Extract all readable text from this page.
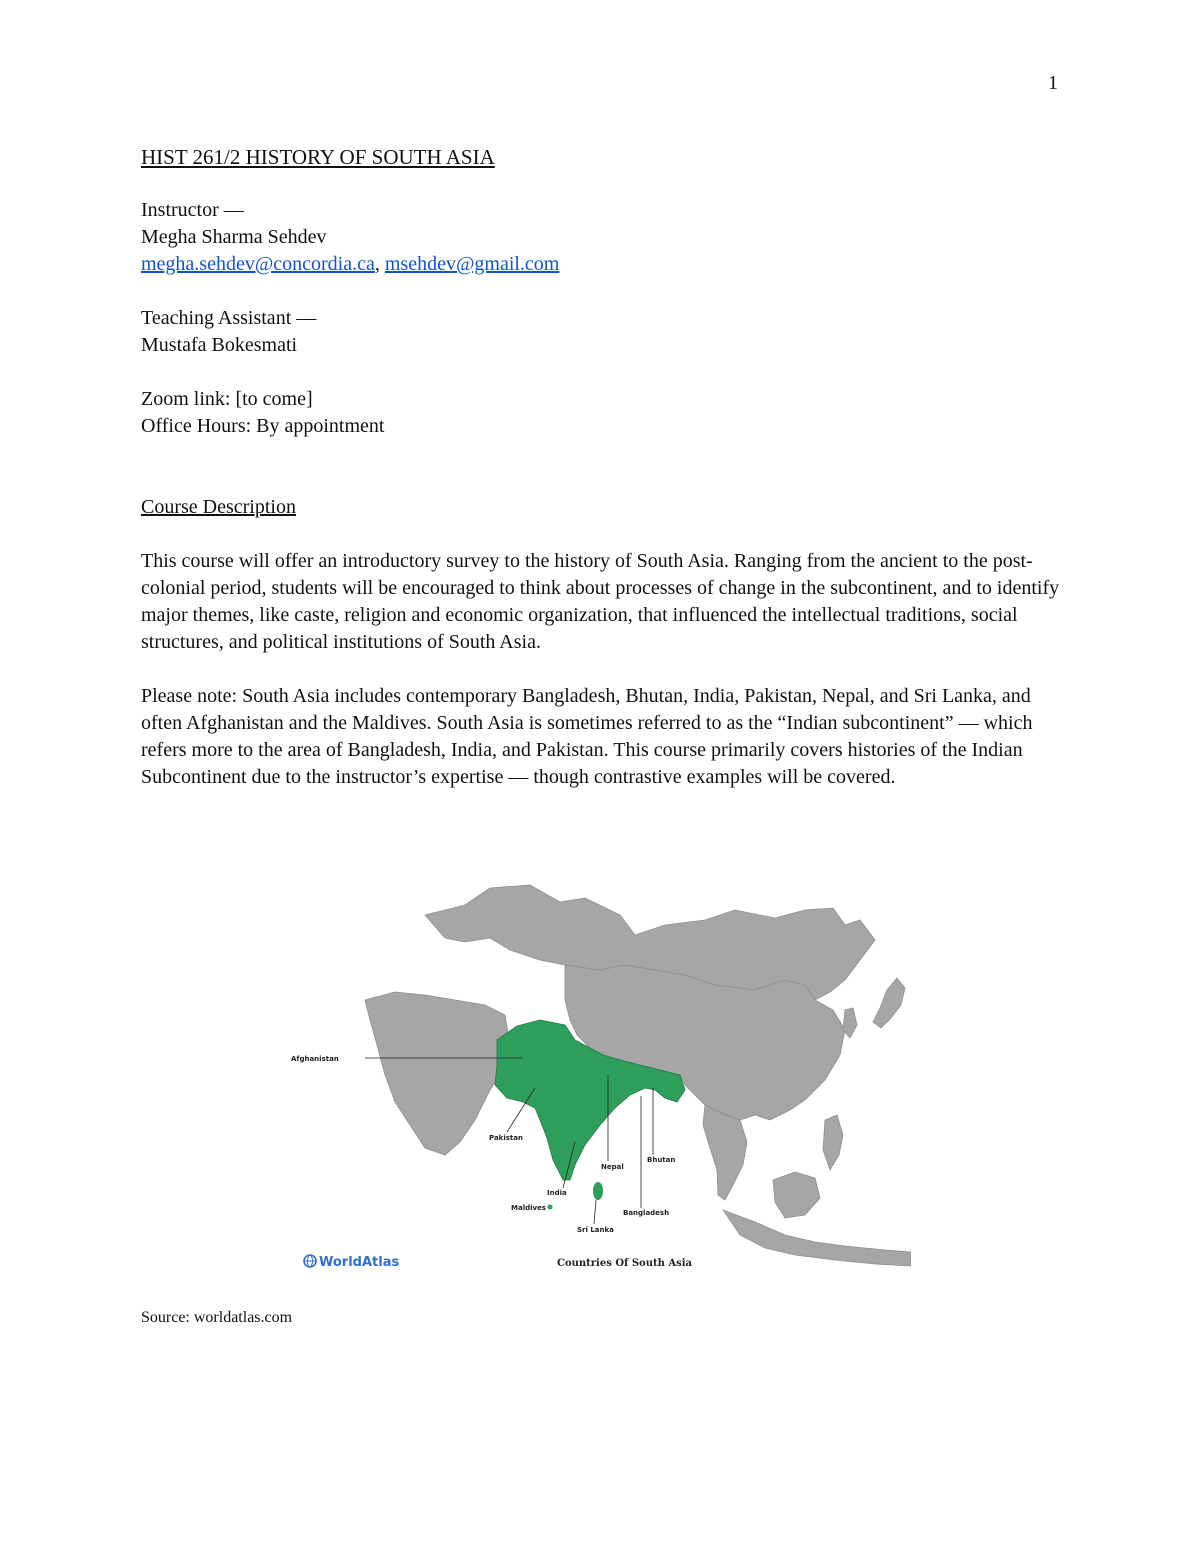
1
HIST 261/2 HISTORY OF SOUTH ASIA
Instructor —
Megha Sharma Sehdev
megha.sehdev@concordia.ca, msehdev@gmail.com
Teaching Assistant —
Mustafa Bokesmati
Zoom link: [to come]
Office Hours: By appointment
Course Description

This course will offer an introductory survey to the history of South Asia. Ranging from the ancient to the post-colonial period, students will be encouraged to think about processes of change in the subcontinent, and to identify major themes, like caste, religion and economic organization, that influenced the intellectual traditions, social structures, and political institutions of South Asia.

Please note: South Asia includes contemporary Bangladesh, Bhutan, India, Pakistan, Nepal, and Sri Lanka, and often Afghanistan and the Maldives. South Asia is sometimes referred to as the “Indian subcontinent” — which refers more to the area of Bangladesh, India, and Pakistan. This course primarily covers histories of the Indian Subcontinent due to the instructor’s expertise — though contrastive examples will be covered.

Afghanistan
Pakistan
Nepal
Bhutan
India
Maldives
Sri Lanka
Bangladesh
WorldAtlas	Countries Of South Asia
Source: worldatlas.com
